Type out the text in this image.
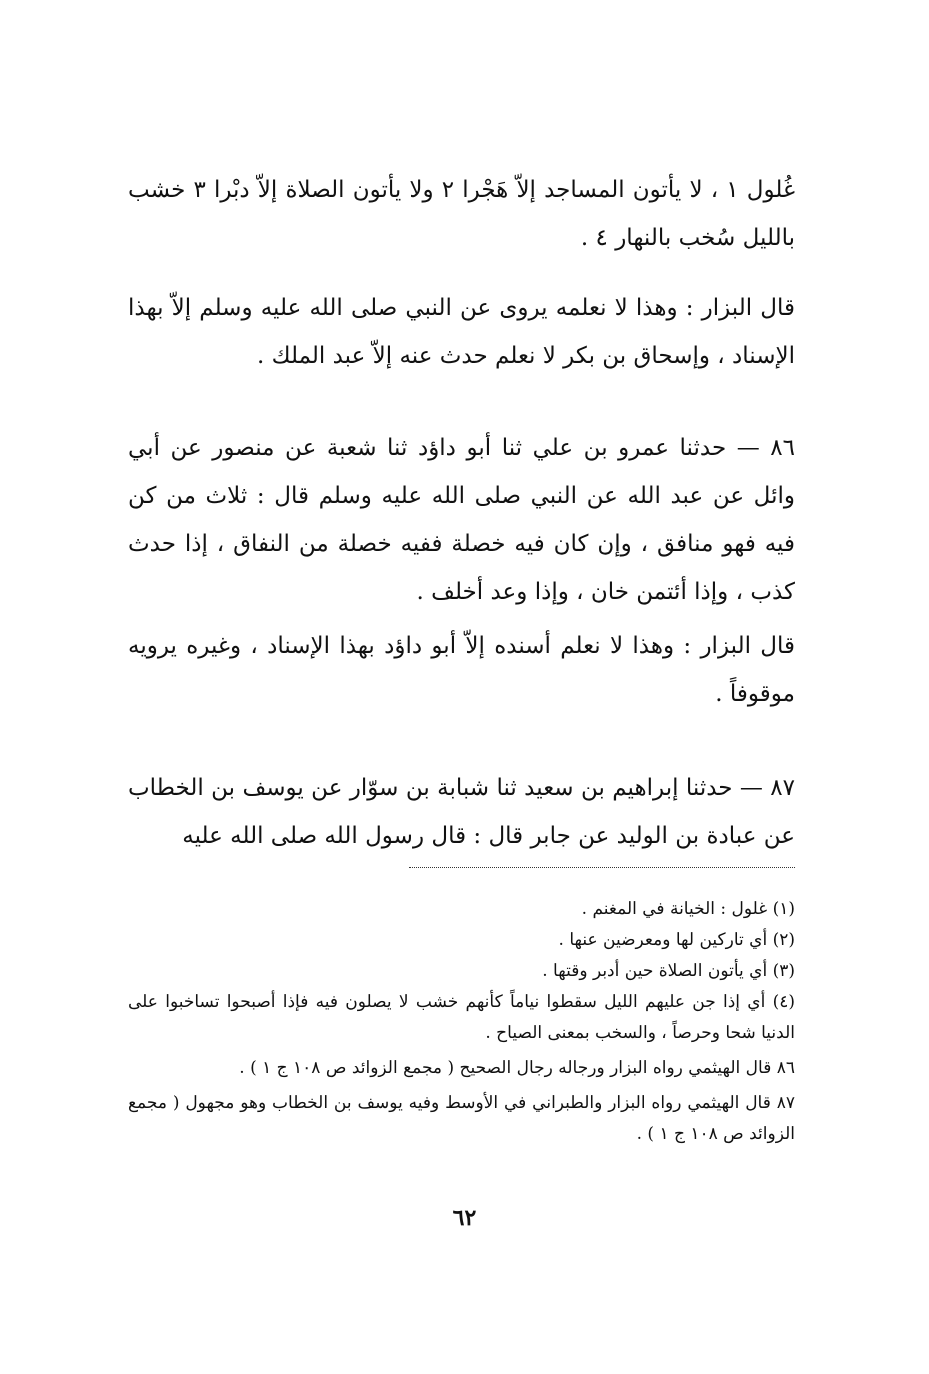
غُلول ١ ، لا يأتون المساجد إلاّ هَجْرا ٢ ولا يأتون الصلاة إلاّ دبْرا ٣ خشب بالليل سُخب بالنهار ٤ .

قال البزار : وهذا لا نعلمه يروى عن النبي صلى الله عليه وسلم إلاّ بهذا الإسناد ، وإسحاق بن بكر لا نعلم حدث عنه إلاّ عبد الملك .

٨٦ — حدثنا عمرو بن علي ثنا أبو داؤد ثنا شعبة عن منصور عن أبي وائل عن عبد الله عن النبي صلى الله عليه وسلم قال : ثلاث من كن فيه فهو منافق ، وإن كان فيه خصلة ففيه خصلة من النفاق ، إذا حدث كذب ، وإذا أئتمن خان ، وإذا وعد أخلف .

قال البزار : وهذا لا نعلم أسنده إلاّ أبو داؤد بهذا الإسناد ، وغيره يرويه موقوفاً .

٨٧ — حدثنا إبراهيم بن سعيد ثنا شبابة بن سوّار عن يوسف بن الخطاب عن عبادة بن الوليد عن جابر قال : قال رسول الله صلى الله عليه

(١) غلول : الخيانة في المغنم .
(٢) أي تاركين لها ومعرضين عنها .
(٣) أي يأتون الصلاة حين أدبر وقتها .
(٤) أي إذا جن عليهم الليل سقطوا نياماً كأنهم خشب لا يصلون فيه فإذا أصبحوا تساخبوا على الدنيا شحا وحرصاً ، والسخب بمعنى الصياح .
٨٦ قال الهيثمي رواه البزار ورجاله رجال الصحيح ( مجمع الزوائد ص ١٠٨ ج ١ ) .
٨٧ قال الهيثمي رواه البزار والطبراني في الأوسط وفيه يوسف بن الخطاب وهو مجهول ( مجمع الزوائد ص ١٠٨ ج ١ ) .
٦٢
